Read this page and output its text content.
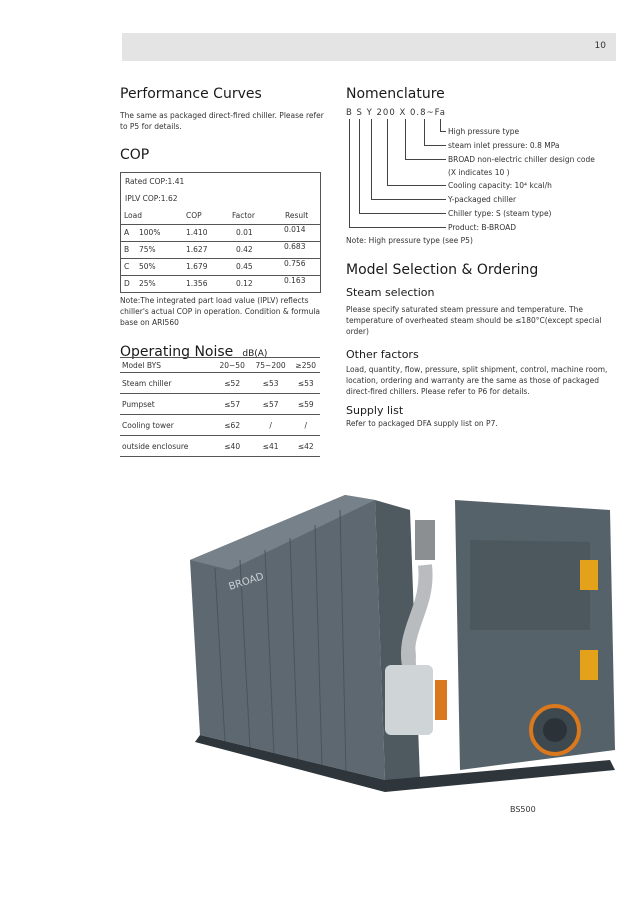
10
Performance Curves
The same as packaged direct-fired chiller. Please refer to P5 for details.
COP
Rated COP:1.41
IPLV COP:1.62
Load	COP	Factor	Result
A 100%	1.410	0.01	0.014
B 75%	1.627	0.42	0.683
C 50%	1.679	0.45	0.756
D 25%	1.356	0.12	0.163
Note:The integrated part load value (IPLV) reflects chiller's actual COP in operation. Condition & formula base on ARI560
Operating Noise dB(A)
Model BYS	20~50	75~200	≥250
Steam chiller	≤52	≤53	≤53
Pumpset	≤57	≤57	≤59
Cooling tower	≤62	/	/
outside enclosure	≤40	≤41	≤42
Nomenclature
B S Y 200 X 0.8~Fa
High pressure type
steam inlet pressure: 0.8 MPa
BROAD non-electric chiller design code
(X indicates 10 )
Cooling capacity: 10⁴ kcal/h
Y-packaged chiller
Chiller type: S (steam type)
Product: B-BROAD
Note: High pressure type (see P5)
Model Selection & Ordering
Steam selection
Please specify saturated steam pressure and temperature. The temperature of overheated steam should be ≤180°C(except special order)
Other factors
Load, quantity, flow, pressure, split shipment, control, machine room, location, ordering and warranty are the same as those of packaged direct-fired chillers. Please refer to P6 for details.
Supply list
Refer to packaged DFA supply list on P7.
BROAD
BS500
